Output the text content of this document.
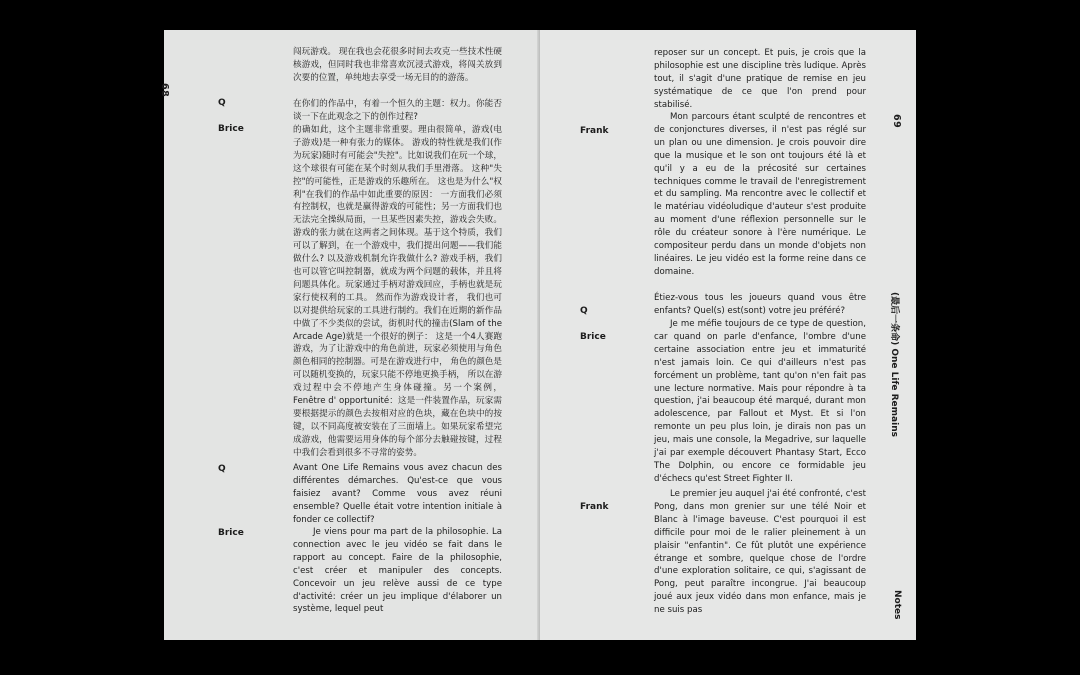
68

闯玩游戏。 现在我也会花很多时间去攻克一些技术性硬核游戏，但同时我也非常喜欢沉浸式游戏，将闯关放到次要的位置，单纯地去享受一场无目的的游荡。

Q	在你们的作品中，有着一个恒久的主题：权力。你能否谈一下在此观念之下的创作过程?

Brice	的确如此，这个主题非常重要。理由很简单，游戏(电子游戏)是一种有张力的媒体。 游戏的特性就是我们(作为玩家)随时有可能会"失控"。比如说我们在玩一个球，这个球很有可能在某个时刻从我们手里滑落。 这种"失控"的可能性，正是游戏的乐趣所在。 这也是为什么"权利"在我们的作品中如此重要的原因： 一方面我们必须有控制权，也就是赢得游戏的可能性；另一方面我们也无法完全操纵局面，一旦某些因素失控，游戏会失败。游戏的张力就在这两者之间体现。基于这个特质，我们可以了解到，在一个游戏中，我们提出问题——我们能做什么? 以及游戏机制允许我做什么? 游戏手柄，我们也可以管它叫控制器，就成为两个问题的载体，并且将问题具体化。玩家通过手柄对游戏回应，手柄也就是玩家行使权利的工具。 然而作为游戏设计者， 我们也可以对提供给玩家的工具进行制约。我们在近期的新作品中做了不少类似的尝试，街机时代的撞击(Slam of the Arcade Age)就是一个很好的例子： 这是一个4人赛跑游戏，为了让游戏中的角色前进，玩家必须使用与角色颜色相同的控制器。可是在游戏进行中， 角色的颜色是可以随机变换的，玩家只能不停地更换手柄， 所以在游戏过程中会不停地产生身体碰撞。另一个案例，Fenêtre d' opportunité：这是一件装置作品，玩家需要根据提示的颜色去按相对应的色块，藏在色块中的按键，以不同高度被安装在了三面墙上。如果玩家希望完成游戏，他需要运用身体的每个部分去触碰按键，过程中我们会看到很多不寻常的姿势。

Q	Avant One Life Remains vous avez chacun des différentes démarches. Qu'est-ce que vous faisiez avant? Comme vous avez réuni ensemble? Quelle était votre intention initiale à fonder ce collectif?

Brice	Je viens pour ma part de la philosophie. La connection avec le jeu vidéo se fait dans le rapport au concept. Faire de la philosophie, c'est créer et manipuler des concepts. Concevoir un jeu relève aussi de ce type d'activité: créer un jeu implique d'élaborer un système, lequel peut

69
(最后一条命) One Life Remains
Notes

reposer sur un concept. Et puis, je crois que la philosophie est une discipline très ludique. Après tout, il s'agit d'une pratique de remise en jeu systématique de ce que l'on prend pour stabilisé.

Frank

Mon parcours étant sculpté de rencontres et de conjonctures diverses, il n'est pas réglé sur un plan ou une dimension. Je crois pouvoir dire que la musique et le son ont toujours été là et qu'il y a eu de la précosité sur certaines techniques comme le travail de l'enregistrement et du sampling. Ma rencontre avec le collectif et le matériau vidéoludique d'auteur s'est produite au moment d'une réflexion personnelle sur le rôle du créateur sonore à l'ère numérique. Le compositeur perdu dans un monde d'objets non linéaires. Le jeu vidéo est la forme reine dans ce domaine.

Q

Étiez-vous tous les joueurs quand vous être enfants? Quel(s) est(sont) votre jeu préféré?

Brice

Je me méfie toujours de ce type de question, car quand on parle d'enfance, l'ombre d'une certaine association entre jeu et immaturité n'est jamais loin. Ce qui d'ailleurs n'est pas forcément un problème, tant qu'on n'en fait pas une lecture normative. Mais pour répondre à ta question, j'ai beaucoup été marqué, durant mon adolescence, par Fallout et Myst. Et si l'on remonte un peu plus loin, je dirais non pas un jeu, mais une console, la Megadrive, sur laquelle j'ai par exemple découvert Phantasy Start, Ecco The Dolphin, ou encore ce formidable jeu d'échecs qu'est Street Fighter II.

Frank

Le premier jeu auquel j'ai été confronté, c'est Pong, dans mon grenier sur une télé Noir et Blanc à l'image baveuse. C'est pourquoi il est difficile pour moi de le ralier pleinement à un plaisir "enfantin". Ce fût plutôt une expérience étrange et sombre, quelque chose de l'ordre d'une exploration solitaire, ce qui, s'agissant de Pong, peut paraître incongrue. J'ai beaucoup joué aux jeux vidéo dans mon enfance, mais je ne suis pas
